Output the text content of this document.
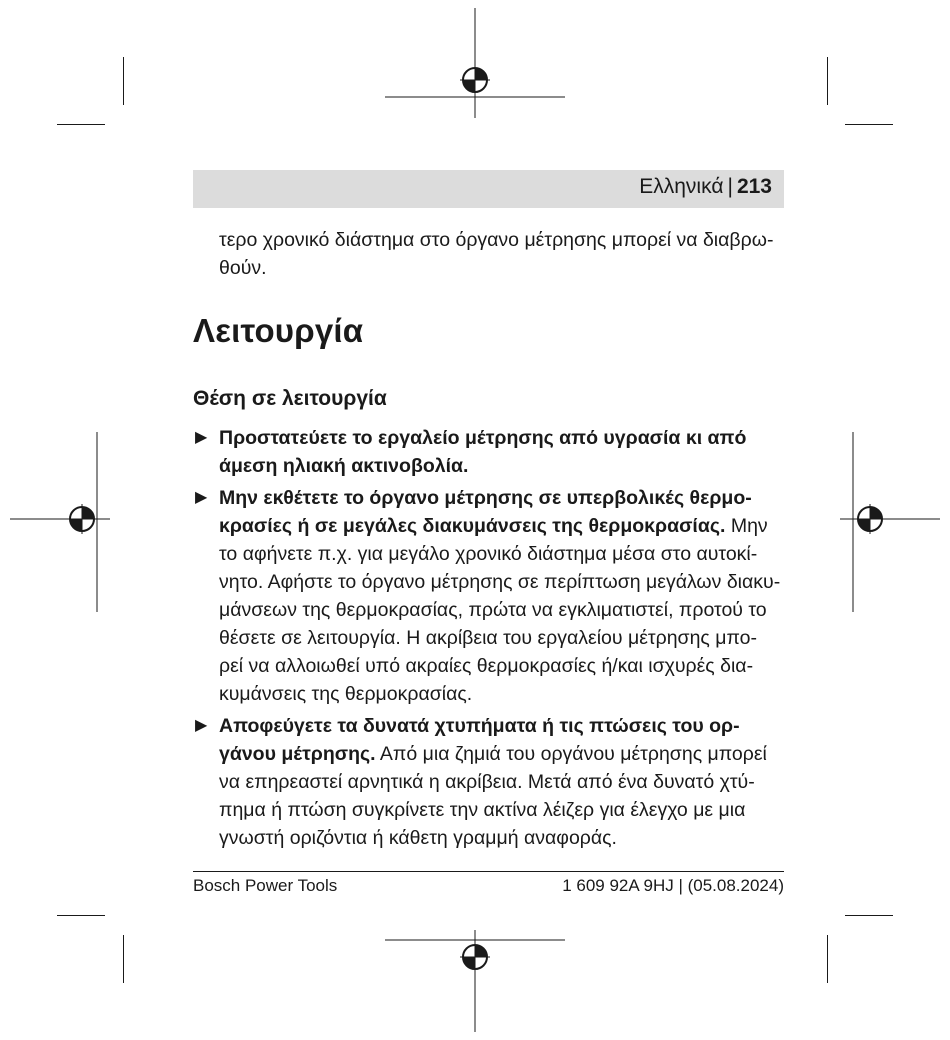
Ελληνικά | 213

τερο χρονικό διάστημα στο όργανο μέτρησης μπορεί να διαβρω- θούν.

Λειτουργία
Θέση σε λειτουργία
▶ Προστατεύετε το εργαλείο μέτρησης από υγρασία κι από άμεση ηλιακή ακτινοβολία.
▶ Μην εκθέτετε το όργανο μέτρησης σε υπερβολικές θερμο- κρασίες ή σε μεγάλες διακυμάνσεις της θερμοκρασίας. Μην το αφήνετε π.χ. για μεγάλο χρονικό διάστημα μέσα στο αυτοκί- νητο. Αφήστε το όργανο μέτρησης σε περίπτωση μεγάλων διακυ- μάνσεων της θερμοκρασίας, πρώτα να εγκλιματιστεί, προτού το θέσετε σε λειτουργία. Η ακρίβεια του εργαλείου μέτρησης μπο- ρεί να αλλοιωθεί υπό ακραίες θερμοκρασίες ή/και ισχυρές δια- κυμάνσεις της θερμοκρασίας.
▶ Αποφεύγετε τα δυνατά χτυπήματα ή τις πτώσεις του ορ- γάνου μέτρησης. Από μια ζημιά του οργάνου μέτρησης μπορεί να επηρεαστεί αρνητικά η ακρίβεια. Μετά από ένα δυνατό χτύ- πημα ή πτώση συγκρίνετε την ακτίνα λέιζερ για έλεγχο με μια γνωστή οριζόντια ή κάθετη γραμμή αναφοράς.
Bosch Power Tools	1 609 92A 9HJ | (05.08.2024)
